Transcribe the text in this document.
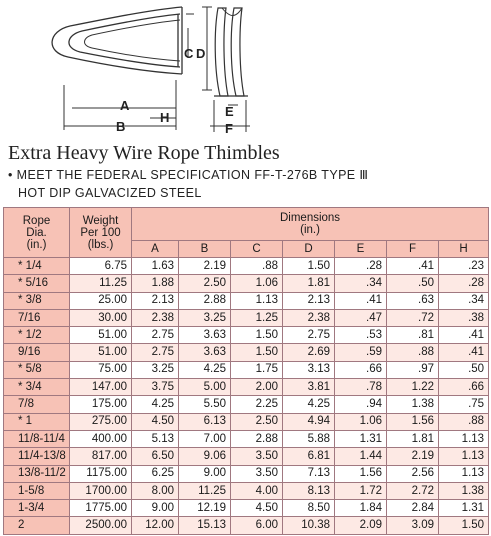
C D
A
B
H	E
F
Extra Heavy Wire Rope Thimbles
• MEET THE FEDERAL SPECIFICATION FF-T-276B TYPE Ⅲ
HOT DIP GALVACIZED STEEL
Rope
Dia.
(in.)	Weight
Per 100
(lbs.)	Dimensions
(in.)						
		A	B	C	D	E	F	H
* 1/4	6.75	1.63	2.19	.88	1.50	.28	.41	.23
* 5/16	11.25	1.88	2.50	1.06	1.81	.34	.50	.28
* 3/8	25.00	2.13	2.88	1.13	2.13	.41	.63	.34
7/16	30.00	2.38	3.25	1.25	2.38	.47	.72	.38
* 1/2	51.00	2.75	3.63	1.50	2.75	.53	.81	.41
9/16	51.00	2.75	3.63	1.50	2.69	.59	.88	.41
* 5/8	75.00	3.25	4.25	1.75	3.13	.66	.97	.50
* 3/4	147.00	3.75	5.00	2.00	3.81	.78	1.22	.66
7/8	175.00	4.25	5.50	2.25	4.25	.94	1.38	.75
* 1	275.00	4.50	6.13	2.50	4.94	1.06	1.56	.88
11/8-11/4	400.00	5.13	7.00	2.88	5.88	1.31	1.81	1.13
11/4-13/8	817.00	6.50	9.06	3.50	6.81	1.44	2.19	1.13
13/8-11/2	1175.00	6.25	9.00	3.50	7.13	1.56	2.56	1.13
1-5/8	1700.00	8.00	11.25	4.00	8.13	1.72	2.72	1.38
1-3/4	1775.00	9.00	12.19	4.50	8.50	1.84	2.84	1.31
2	2500.00	12.00	15.13	6.00	10.38	2.09	3.09	1.50
